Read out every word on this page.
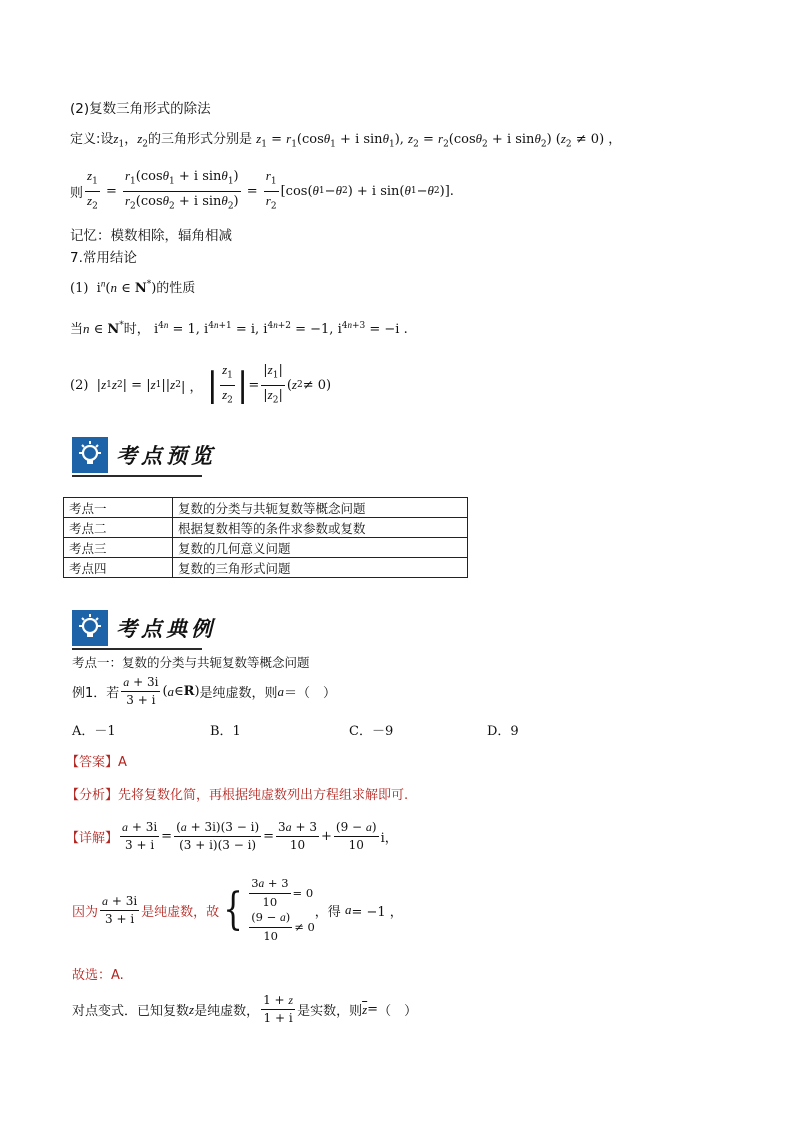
(2)复数三角形式的除法
定义:设$z_1$，$z_2$的三角形式分别是 $z_1 = r_1(\cos\theta_1 + i$ sinθ$_1$), $z_2 = r_2(\cos\theta_2 + i$ sinθ$_2$) $(z_2 \ne 0)$ ，
则 $\frac{z_1}{z_2} = \frac{r_1(\cos\theta_1 + i \sin\theta_1)}{r_2(\cos\theta_2 + i \sin\theta_2)} = \frac{r_1}{r_2} [\cos$( θ 1 − θ 2 ) + i sin( θ 1 − θ 2 )].
记忆：模数相除，辐角相减
7.常用结论
(1)  $i^n(n$ ∈ N*)的性质
当n ∈ N*时， $i^{4n} = 1$, $i^{4n+1} = i$, $i^{4n+2} = -1$, $i^{4n+3} = -i$ .
(2) | z 1 z 2 | = | z 1 || z 2 | ， | $\frac{z_1}{z_2}$ | = $\frac{|z_1|}{|z_2|}$ ( z 2 ≠ 0)
考点预览
考点一	复数的分类与共轭复数等概念问题
考点二	根据复数相等的条件求参数或复数
考点三	复数的几何意义问题
考点四	复数的三角形式问题
考点典例
考点一：复数的分类与共轭复数等概念问题
例1．若 $\frac{a + 3i}{3 + i}$ ( a ∈ R ) 是纯虚数，则 a ＝（　）
A．－1	B．1	C．－9	D．9
【答案】A
【分析】先将复数化简，再根据纯虚数列出方程组求解即可.
【详解】 $\frac{a + 3i}{3 + i} = \frac{(a + 3i)(3 - i)}{(3 + i)(3 - i)} = \frac{3a + 3}{10} + \frac{(9 - a)}{10}$ i，
因为 $\frac{a + 3i}{3 + i}$ 是纯虚数，故 { $\frac{3a + 3}{10} = 0$
$\frac{(9 - a)}{10} \ne 0$
，得
a = −1 ，
故选：A.
对点变式．已知复数 z 是纯虚数， $\frac{1 + z}{1 + i}$ 是实数，则 $\overline{z}$ = （　）
